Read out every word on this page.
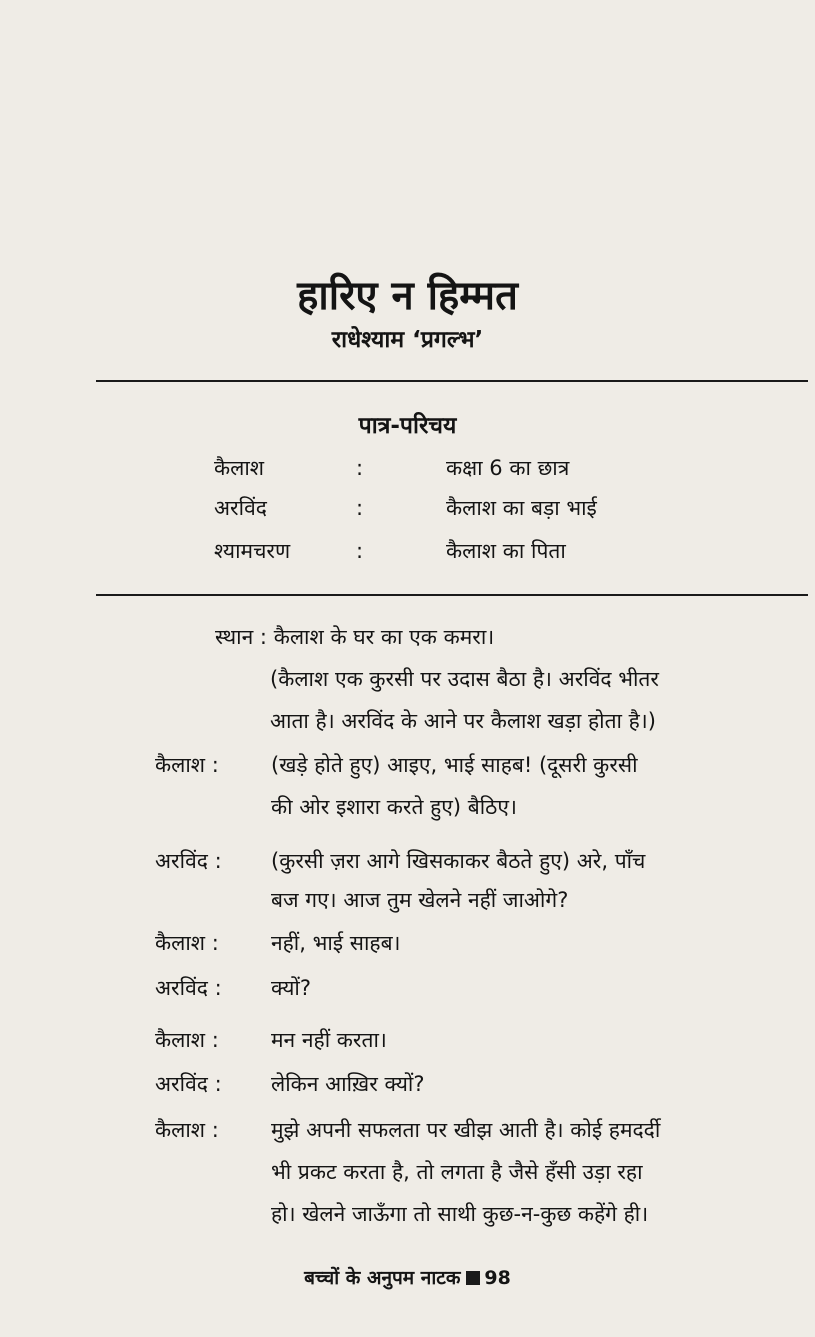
हारिए न हिम्मत
राधेश्याम ‘प्रगल्भ’
पात्र-परिचय
कैलाश	:	कक्षा 6 का छात्र
अरविंद	:	कैलाश का बड़ा भाई
श्यामचरण	:	कैलाश का पिता
स्थान : कैलाश के घर का एक कमरा।
(कैलाश एक कुरसी पर उदास बैठा है। अरविंद भीतर
आता है। अरविंद के आने पर कैलाश खड़ा होता है।)
कैलाश :	(खड़े होते हुए) आइए, भाई साहब! (दूसरी कुरसी
की ओर इशारा करते हुए) बैठिए।
अरविंद :	(कुरसी ज़रा आगे खिसकाकर बैठते हुए) अरे, पाँच
बज गए। आज तुम खेलने नहीं जाओगे?
कैलाश :	नहीं, भाई साहब।
अरविंद :	क्यों?
कैलाश :	मन नहीं करता।
अरविंद :	लेकिन आख़िर क्यों?
कैलाश :	मुझे अपनी सफलता पर खीझ आती है। कोई हमदर्दी
भी प्रकट करता है, तो लगता है जैसे हँसी उड़ा रहा
हो। खेलने जाऊँगा तो साथी कुछ-न-कुछ कहेंगे ही।
बच्चों के अनुपम नाटक 98
